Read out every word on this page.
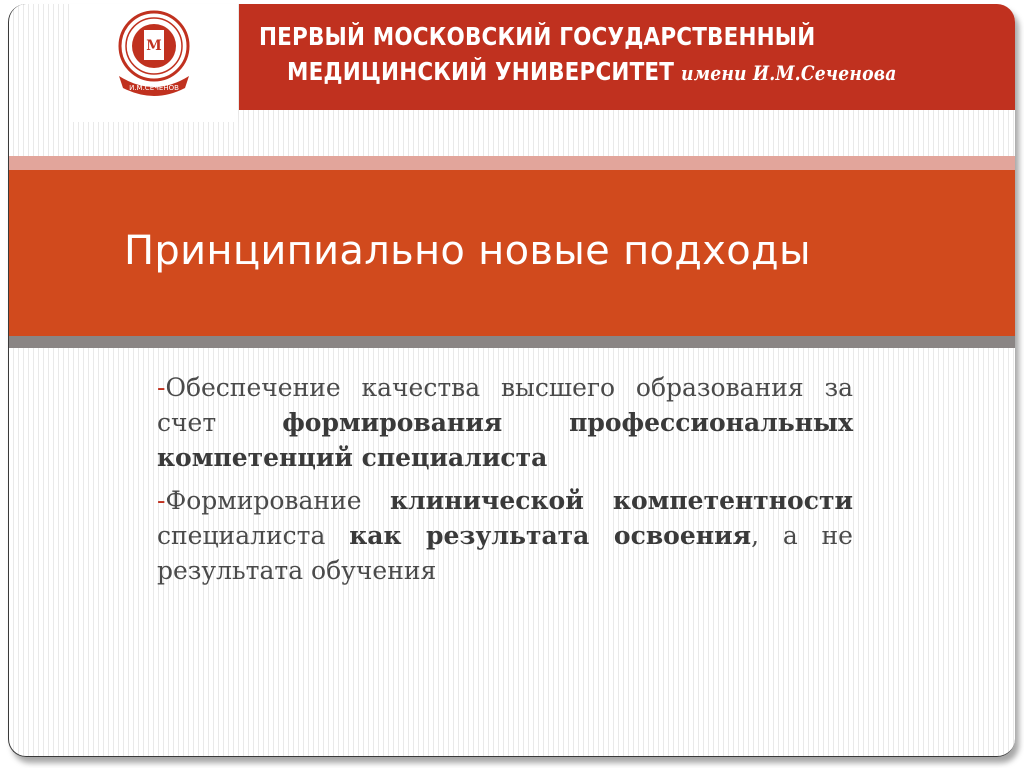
М
И.М.СЕЧЕНОВ
ПЕРВЫЙ МОСКОВСКИЙ ГОСУДАРСТВЕННЫЙ
МЕДИЦИНСКИЙ УНИВЕРСИТЕТ имени И.М.Сеченова
Принципиально новые подходы

-Обеспечение качества высшего образования за счет формирования профессиональных компетенций специалиста

-Формирование клинической компетентности специалиста как результата освоения, а не результата обучения
